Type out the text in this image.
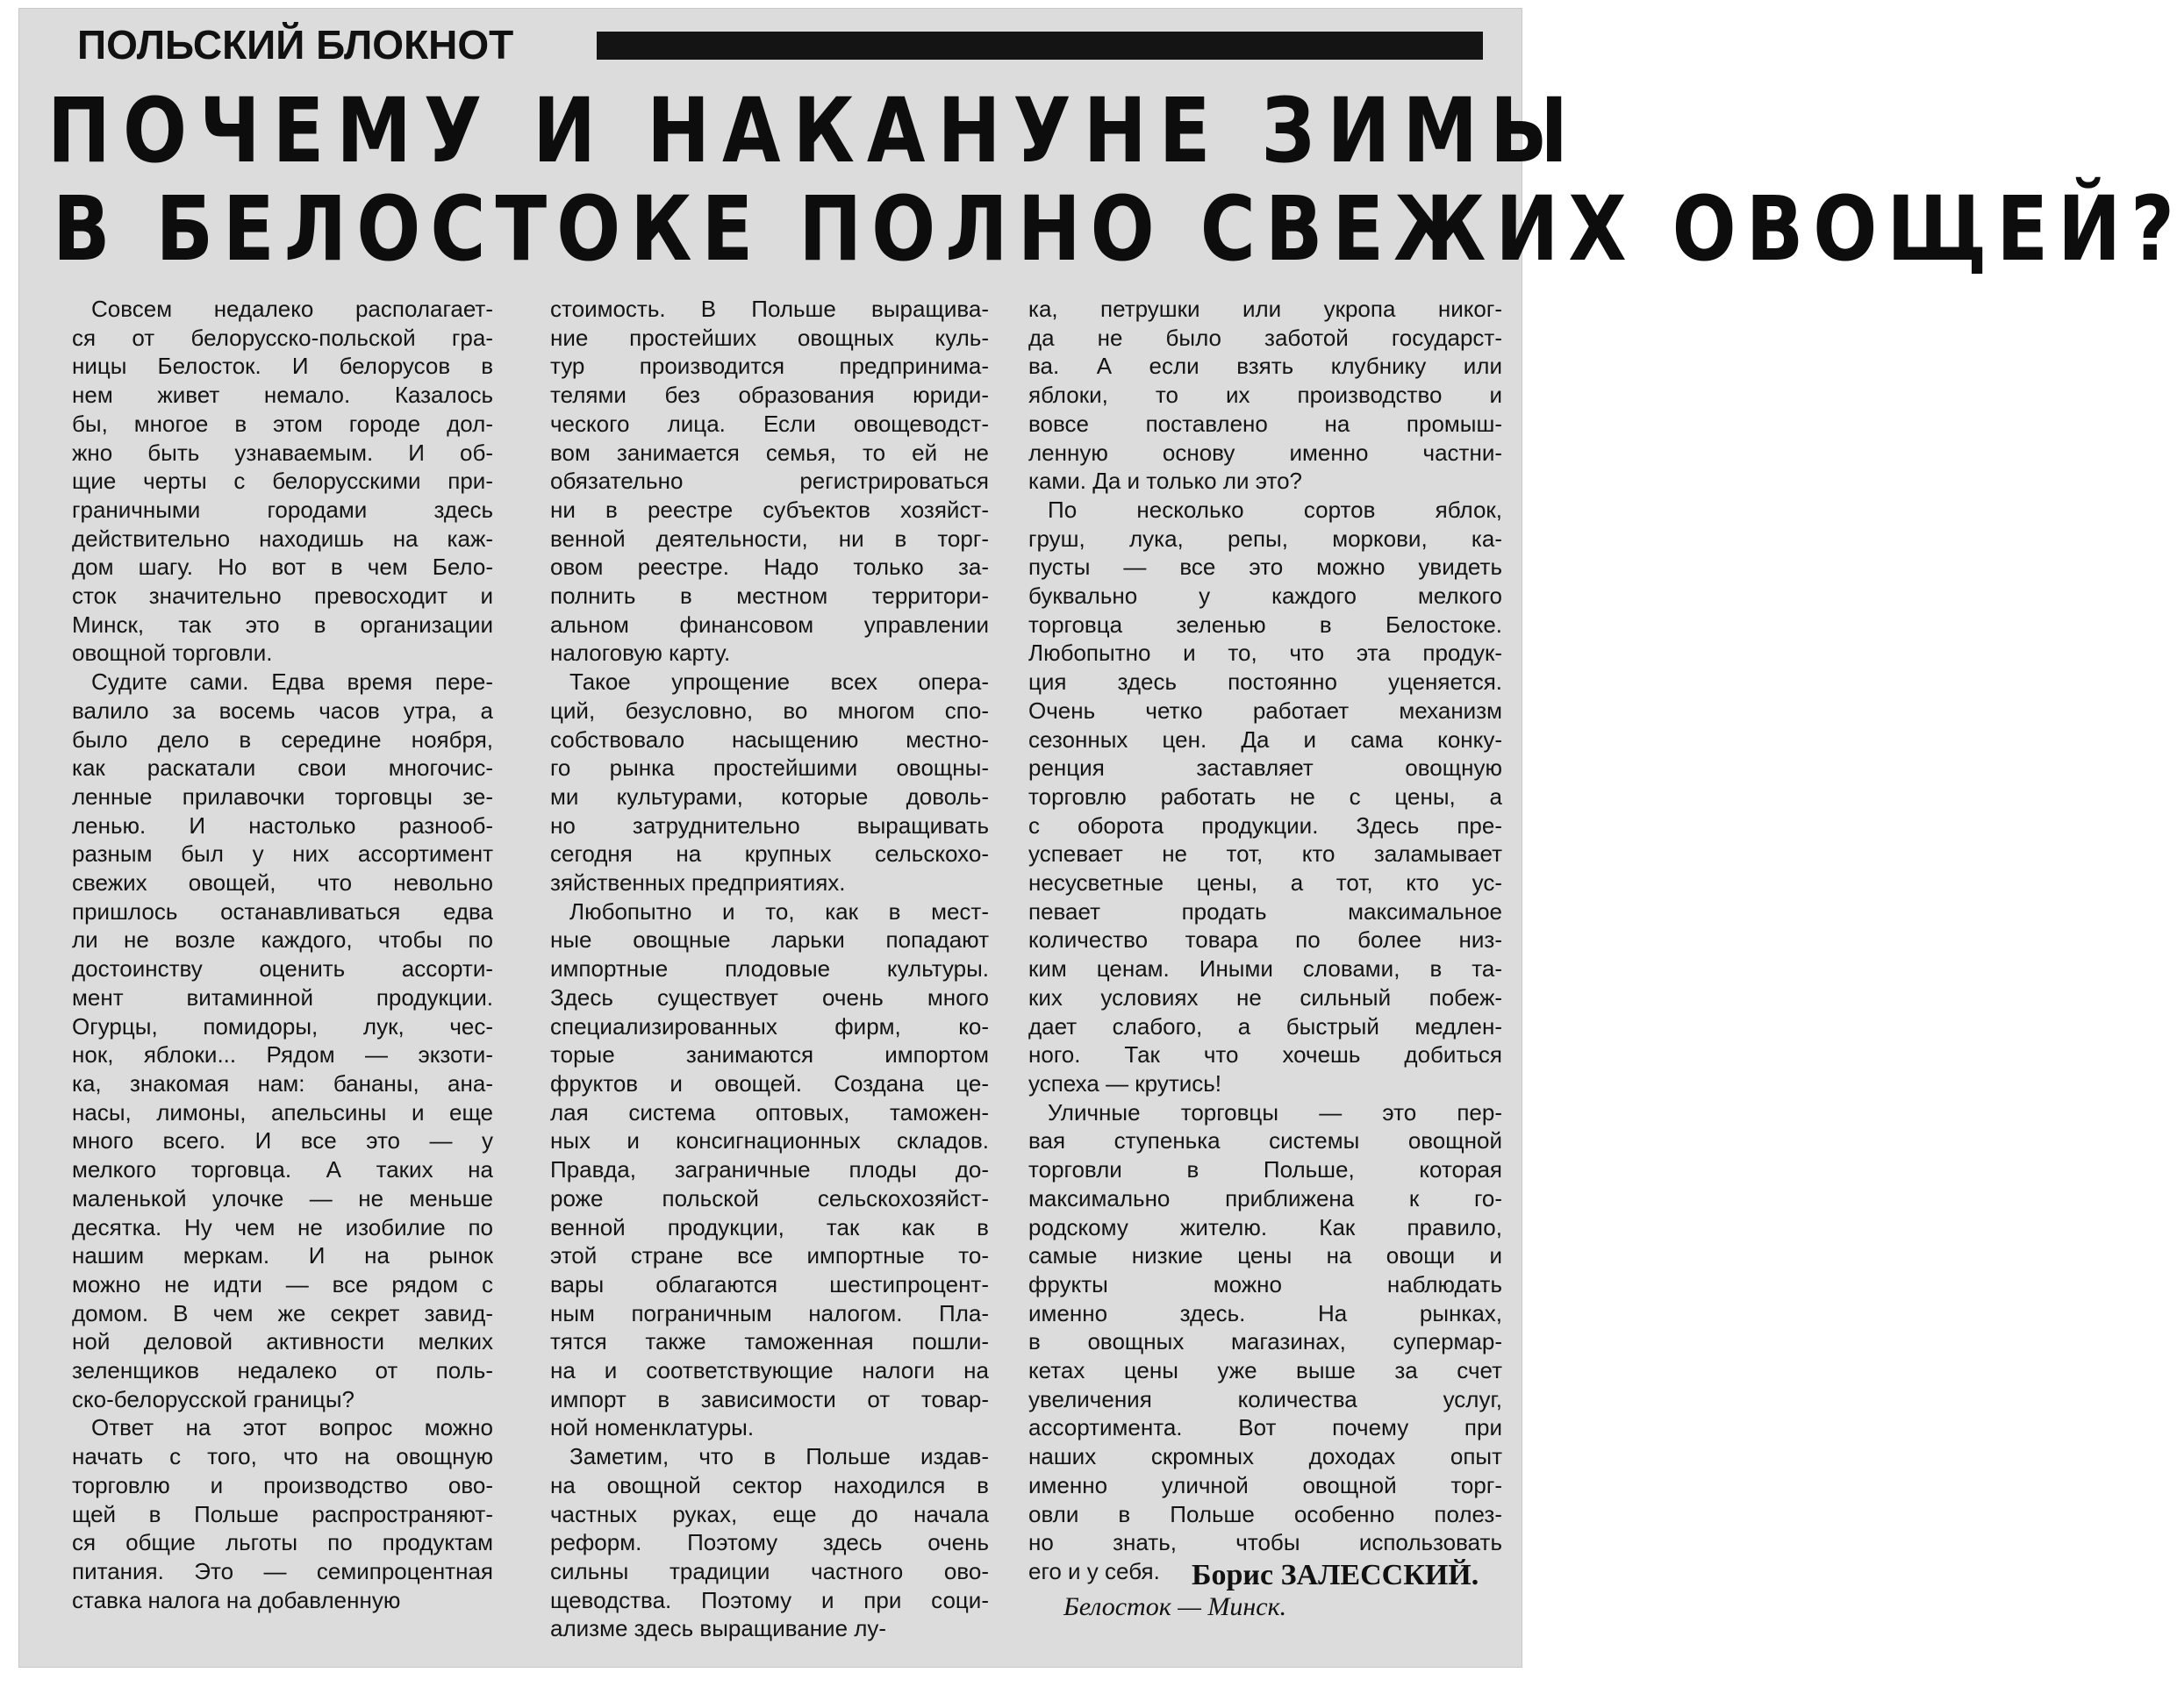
ПОЛЬСКИЙ БЛОКНОТ
ПОЧЕМУ И НАКАНУНЕ ЗИМЫ
В БЕЛОСТОКЕ ПОЛНО СВЕЖИХ ОВОЩЕЙ?
Совсем недалеко располагает-
ся от белорусско-польской гра-
ницы Белосток. И белорусов в
нем живет немало. Казалось
бы, многое в этом городе дол-
жно быть узнаваемым. И об-
щие черты с белорусскими при-
граничными городами здесь
действительно находишь на каж-
дом шагу. Но вот в чем Бело-
сток значительно превосходит и
Минск, так это в организации
овощной торговли.
Судите сами. Едва время пере-
валило за восемь часов утра, а
было дело в середине ноября,
как раскатали свои многочис-
ленные прилавочки торговцы зе-
ленью. И настолько разнооб-
разным был у них ассортимент
свежих овощей, что невольно
пришлось останавливаться едва
ли не возле каждого, чтобы по
достоинству оценить ассорти-
мент витаминной продукции.
Огурцы, помидоры, лук, чес-
нок, яблоки... Рядом — экзоти-
ка, знакомая нам: бананы, ана-
насы, лимоны, апельсины и еще
много всего. И все это — у
мелкого торговца. А таких на
маленькой улочке — не меньше
десятка. Ну чем не изобилие по
нашим меркам. И на рынок
можно не идти — все рядом с
домом. В чем же секрет завид-
ной деловой активности мелких
зеленщиков недалеко от поль-
ско-белорусской границы?
Ответ на этот вопрос можно
начать с того, что на овощную
торговлю и производство ово-
щей в Польше распространяют-
ся общие льготы по продуктам
питания. Это — семипроцентная
ставка налога на добавленную
стоимость. В Польше выращива-
ние простейших овощных куль-
тур производится предпринима-
телями без образования юриди-
ческого лица. Если овощеводст-
вом занимается семья, то ей не
обязательно регистрироваться
ни в реестре субъектов хозяйст-
венной деятельности, ни в торг-
овом реестре. Надо только за-
полнить в местном территори-
альном финансовом управлении
налоговую карту.
Такое упрощение всех опера-
ций, безусловно, во многом спо-
собствовало насыщению местно-
го рынка простейшими овощны-
ми культурами, которые доволь-
но затруднительно выращивать
сегодня на крупных сельскохо-
зяйственных предприятиях.
Любопытно и то, как в мест-
ные овощные ларьки попадают
импортные плодовые культуры.
Здесь существует очень много
специализированных фирм, ко-
торые занимаются импортом
фруктов и овощей. Создана це-
лая система оптовых, таможен-
ных и консигнационных складов.
Правда, заграничные плоды до-
роже польской сельскохозяйст-
венной продукции, так как в
этой стране все импортные то-
вары облагаются шестипроцент-
ным пограничным налогом. Пла-
тятся также таможенная пошли-
на и соответствующие налоги на
импорт в зависимости от товар-
ной номенклатуры.
Заметим, что в Польше издав-
на овощной сектор находился в
частных руках, еще до начала
реформ. Поэтому здесь очень
сильны традиции частного ово-
щеводства. Поэтому и при соци-
ализме здесь выращивание лу-
ка, петрушки или укропа никог-
да не было заботой государст-
ва. А если взять клубнику или
яблоки, то их производство и
вовсе поставлено на промыш-
ленную основу именно частни-
ками. Да и только ли это?
По несколько сортов яблок,
груш, лука, репы, моркови, ка-
пусты — все это можно увидеть
буквально у каждого мелкого
торговца зеленью в Белостоке.
Любопытно и то, что эта продук-
ция здесь постоянно уценяется.
Очень четко работает механизм
сезонных цен. Да и сама конку-
ренция заставляет овощную
торговлю работать не с цены, а
с оборота продукции. Здесь пре-
успевает не тот, кто заламывает
несусветные цены, а тот, кто ус-
певает продать максимальное
количество товара по более низ-
ким ценам. Иными словами, в та-
ких условиях не сильный побеж-
дает слабого, а быстрый медлен-
ного. Так что хочешь добиться
успеха — крутись!
Уличные торговцы — это пер-
вая ступенька системы овощной
торговли в Польше, которая
максимально приближена к го-
родскому жителю. Как правило,
самые низкие цены на овощи и
фрукты можно наблюдать
именно здесь. На рынках,
в овощных магазинах, супермар-
кетах цены уже выше за счет
увеличения количества услуг,
ассортимента. Вот почему при
наших скромных доходах опыт
именно уличной овощной торг-
овли в Польше особенно полез-
но знать, чтобы использовать
его и у себя.	Борис ЗАЛЕССКИЙ.
Белосток — Минск.
